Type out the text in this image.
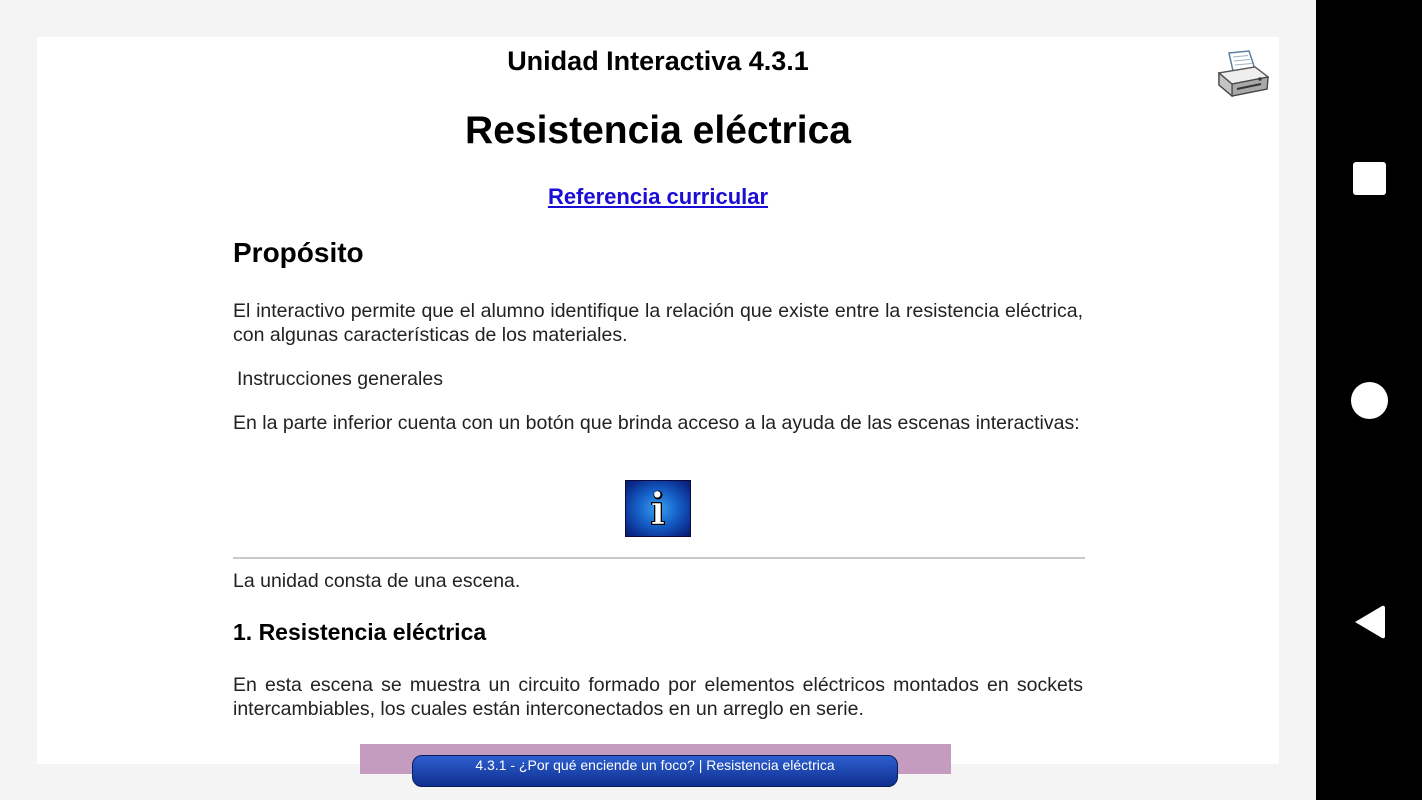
Unidad Interactiva 4.3.1
Resistencia eléctrica
Referencia curricular
Propósito

El interactivo permite que el alumno identifique la relación que existe entre la resistencia eléctrica, con algunas características de los materiales.

Instrucciones generales

En la parte inferior cuenta con un botón que brinda acceso a la ayuda de las escenas interactivas:

La unidad consta de una escena.

1. Resistencia eléctrica

En esta escena se muestra un circuito formado por elementos eléctricos montados en sockets intercambiables, los cuales están interconectados en un arreglo en serie.

4.3.1 - ¿Por qué enciende un foco? | Resistencia eléctrica
